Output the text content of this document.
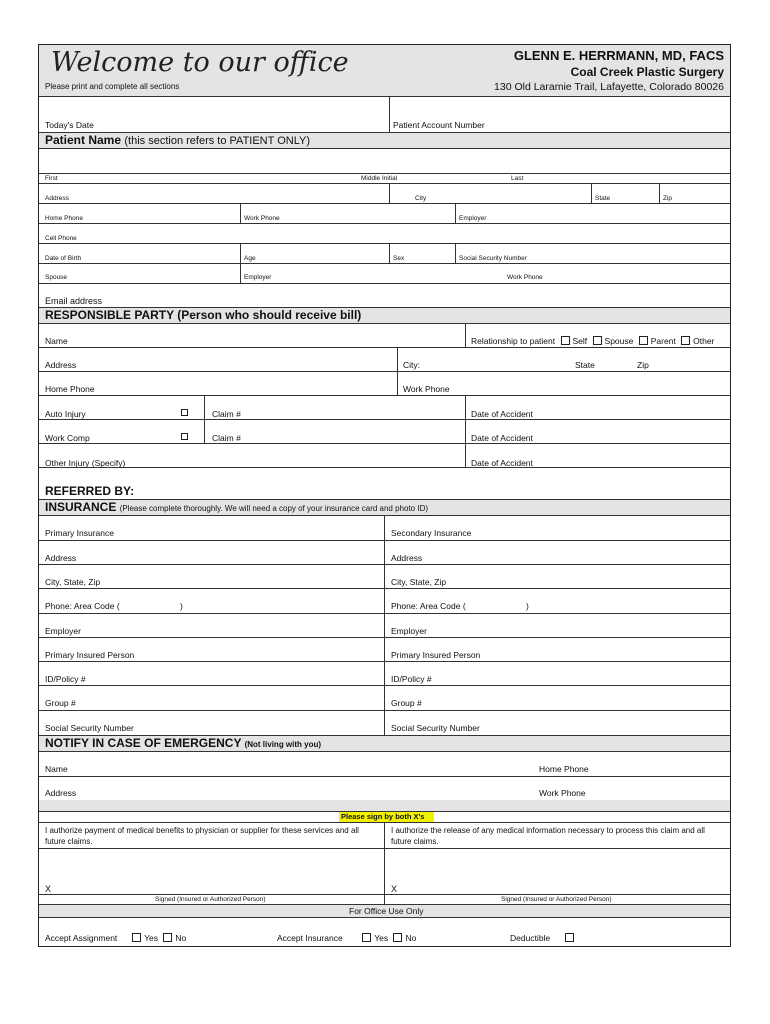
Welcome to our office
Please print and complete all sections
GLENN E. HERRMANN, MD, FACS
Coal Creek Plastic Surgery
130 Old Laramie Trail, Lafayette, Colorado 80026
Today's Date	Patient Account Number
Patient Name (this section refers to PATIENT ONLY)
First	Middle Initial	Last
Address	City	State	Zip
Home Phone	Work Phone	Employer
Cell Phone
Date of Birth	Age	Sex	Social Security Number
Spouse	Employer	Work Phone
Email address
RESPONSIBLE PARTY (Person who should receive bill)
Name	Relationship to patient Self Spouse Parent Other
Address	City:	State	Zip
Home Phone	Work Phone
Auto Injury	Claim #	Date of Accident
Work Comp	Claim #	Date of Accident
Other Injury (Specify)	Date of Accident
REFERRED BY:
INSURANCE (Please complete thoroughly. We will need a copy of your insurance card and photo ID)
Primary Insurance	Secondary Insurance
Address	Address
City, State, Zip	City, State, Zip
Phone: Area Code (	)	Phone: Area Code (	)
Employer	Employer
Primary Insured Person	Primary Insured Person
ID/Policy #	ID/Policy #
Group #	Group #
Social Security Number	Social Security Number
NOTIFY IN CASE OF EMERGENCY (Not living with you)
Name	Home Phone
Address	Work Phone
Please sign by both X's
I authorize payment of medical benefits to physician or supplier for these services and all future claims.
I authorize the release of any medical information necessary to process this claim and all future claims.
X	X
Signed (Insured or Authorized Person)	Signed (Insured or Authorized Person)
For Office Use Only
Accept Assignment	Yes No	Accept Insurance	Yes No	Deductible
